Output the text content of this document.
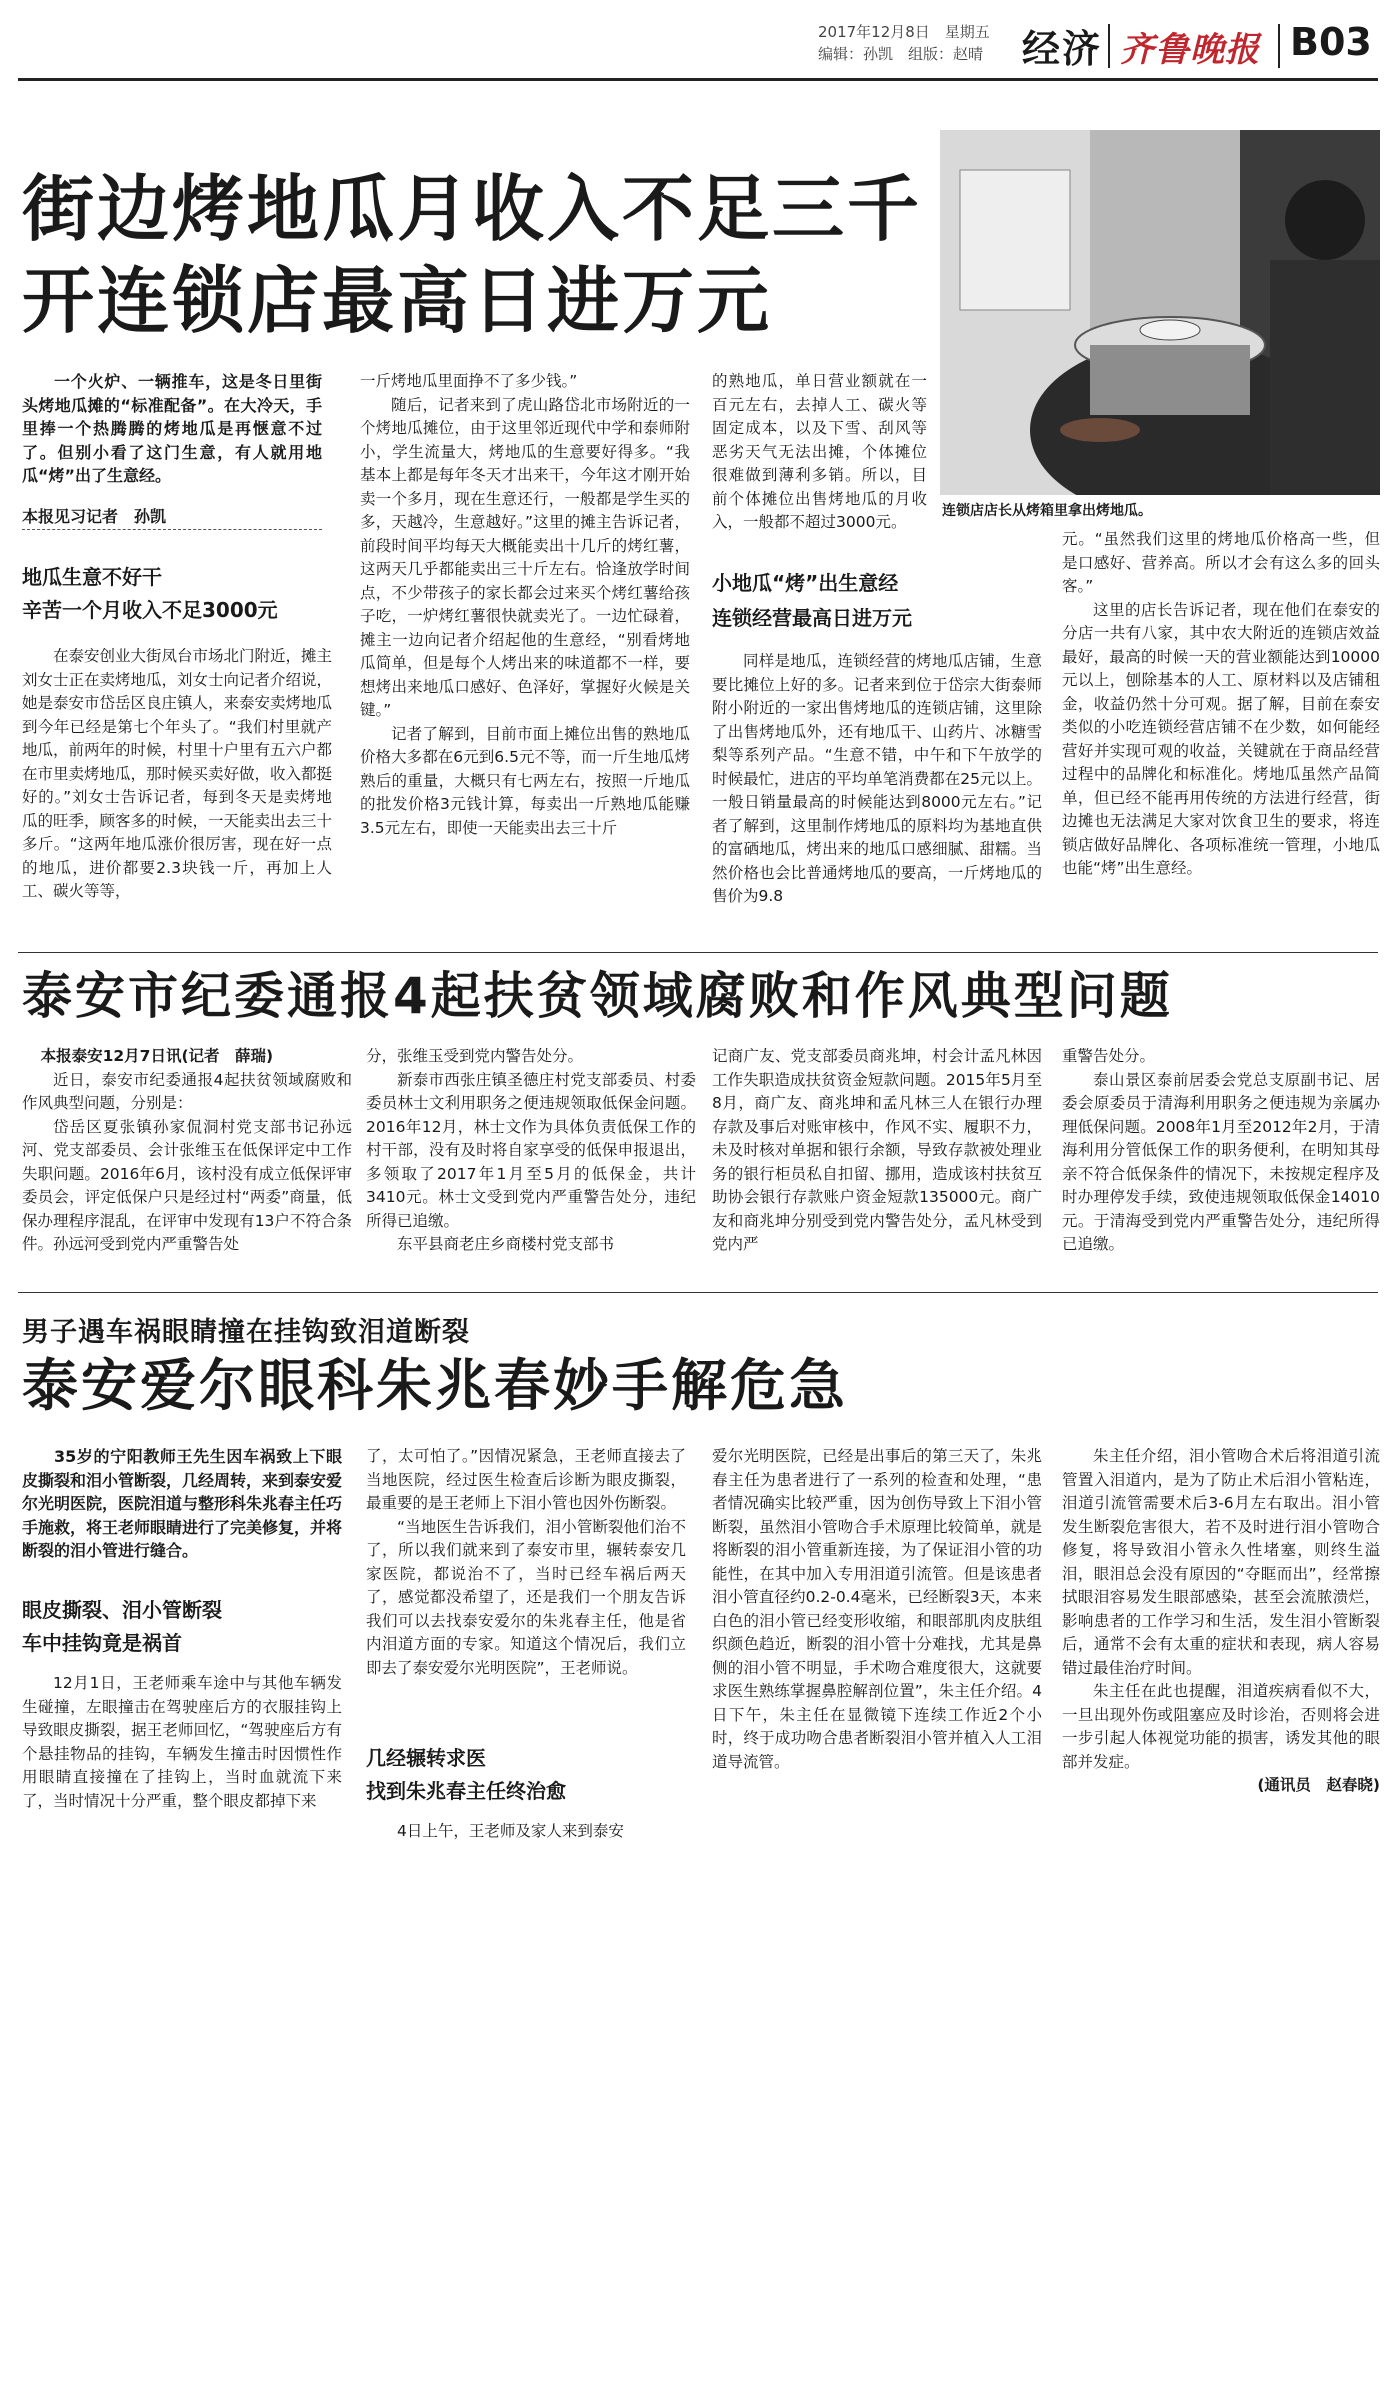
2017年12月8日　星期五
编辑：孙凯　组版：赵晴 经济 齐鲁晚报 B03
街边烤地瓜月收入不足三千
开连锁店最高日进万元
连锁店店长从烤箱里拿出烤地瓜。
一个火炉、一辆推车，这是冬日里街头烤地瓜摊的“标准配备”。在大冷天，手里捧一个热腾腾的烤地瓜是再惬意不过了。但别小看了这门生意，有人就用地瓜“烤”出了生意经。
本报见习记者　孙凯
地瓜生意不好干
辛苦一个月收入不足3000元

在泰安创业大街凤台市场北门附近，摊主刘女士正在卖烤地瓜，刘女士向记者介绍说，她是泰安市岱岳区良庄镇人，来泰安卖烤地瓜到今年已经是第七个年头了。“我们村里就产地瓜，前两年的时候，村里十户里有五六户都在市里卖烤地瓜，那时候买卖好做，收入都挺好的。”刘女士告诉记者，每到冬天是卖烤地瓜的旺季，顾客多的时候，一天能卖出去三十多斤。“这两年地瓜涨价很厉害，现在好一点的地瓜，进价都要2.3块钱一斤，再加上人工、碳火等等，

一斤烤地瓜里面挣不了多少钱。”

随后，记者来到了虎山路岱北市场附近的一个烤地瓜摊位，由于这里邻近现代中学和泰师附小，学生流量大，烤地瓜的生意要好得多。“我基本上都是每年冬天才出来干，今年这才刚开始卖一个多月，现在生意还行，一般都是学生买的多，天越冷，生意越好。”这里的摊主告诉记者，前段时间平均每天大概能卖出十几斤的烤红薯，这两天几乎都能卖出三十斤左右。恰逢放学时间点，不少带孩子的家长都会过来买个烤红薯给孩子吃，一炉烤红薯很快就卖光了。一边忙碌着，摊主一边向记者介绍起他的生意经，“别看烤地瓜简单，但是每个人烤出来的味道都不一样，要想烤出来地瓜口感好、色泽好，掌握好火候是关键。”

记者了解到，目前市面上摊位出售的熟地瓜价格大多都在6元到6.5元不等，而一斤生地瓜烤熟后的重量，大概只有七两左右，按照一斤地瓜的批发价格3元钱计算，每卖出一斤熟地瓜能赚3.5元左右，即使一天能卖出去三十斤

的熟地瓜，单日营业额就在一百元左右，去掉人工、碳火等固定成本，以及下雪、刮风等恶劣天气无法出摊，个体摊位很难做到薄利多销。所以，目前个体摊位出售烤地瓜的月收入，一般都不超过3000元。

小地瓜“烤”出生意经
连锁经营最高日进万元

同样是地瓜，连锁经营的烤地瓜店铺，生意要比摊位上好的多。记者来到位于岱宗大街泰师附小附近的一家出售烤地瓜的连锁店铺，这里除了出售烤地瓜外，还有地瓜干、山药片、冰糖雪梨等系列产品。“生意不错，中午和下午放学的时候最忙，进店的平均单笔消费都在25元以上。一般日销量最高的时候能达到8000元左右。”记者了解到，这里制作烤地瓜的原料均为基地直供的富硒地瓜，烤出来的地瓜口感细腻、甜糯。当然价格也会比普通烤地瓜的要高，一斤烤地瓜的售价为9.8

元。“虽然我们这里的烤地瓜价格高一些，但是口感好、营养高。所以才会有这么多的回头客。”

这里的店长告诉记者，现在他们在泰安的分店一共有八家，其中农大附近的连锁店效益最好，最高的时候一天的营业额能达到10000元以上，刨除基本的人工、原材料以及店铺租金，收益仍然十分可观。据了解，目前在泰安类似的小吃连锁经营店铺不在少数，如何能经营好并实现可观的收益，关键就在于商品经营过程中的品牌化和标准化。烤地瓜虽然产品简单，但已经不能再用传统的方法进行经营，街边摊也无法满足大家对饮食卫生的要求，将连锁店做好品牌化、各项标准统一管理，小地瓜也能“烤”出生意经。

泰安市纪委通报4起扶贫领域腐败和作风典型问题

本报泰安12月7日讯(记者　薛瑞)

近日，泰安市纪委通报4起扶贫领域腐败和作风典型问题，分别是：

岱岳区夏张镇孙家侃洞村党支部书记孙远河、党支部委员、会计张维玉在低保评定中工作失职问题。2016年6月，该村没有成立低保评审委员会，评定低保户只是经过村“两委”商量，低保办理程序混乱，在评审中发现有13户不符合条件。孙远河受到党内严重警告处

分，张维玉受到党内警告处分。

新泰市西张庄镇圣德庄村党支部委员、村委委员林士文利用职务之便违规领取低保金问题。2016年12月，林士文作为具体负责低保工作的村干部，没有及时将自家享受的低保申报退出，多领取了2017年1月至5月的低保金，共计3410元。林士文受到党内严重警告处分，违纪所得已追缴。

东平县商老庄乡商楼村党支部书

记商广友、党支部委员商兆坤，村会计孟凡林因工作失职造成扶贫资金短款问题。2015年5月至8月，商广友、商兆坤和孟凡林三人在银行办理存款及事后对账审核中，作风不实、履职不力，未及时核对单据和银行余额，导致存款被处理业务的银行柜员私自扣留、挪用，造成该村扶贫互助协会银行存款账户资金短款135000元。商广友和商兆坤分别受到党内警告处分，孟凡林受到党内严

重警告处分。

泰山景区泰前居委会党总支原副书记、居委会原委员于清海利用职务之便违规为亲属办理低保问题。2008年1月至2012年2月，于清海利用分管低保工作的职务便利，在明知其母亲不符合低保条件的情况下，未按规定程序及时办理停发手续，致使违规领取低保金14010元。于清海受到党内严重警告处分，违纪所得已追缴。

男子遇车祸眼睛撞在挂钩致泪道断裂
泰安爱尔眼科朱兆春妙手解危急
35岁的宁阳教师王先生因车祸致上下眼皮撕裂和泪小管断裂，几经周转，来到泰安爱尔光明医院，医院泪道与整形科朱兆春主任巧手施救，将王老师眼睛进行了完美修复，并将断裂的泪小管进行缝合。
眼皮撕裂、泪小管断裂
车中挂钩竟是祸首

12月1日，王老师乘车途中与其他车辆发生碰撞，左眼撞击在驾驶座后方的衣服挂钩上导致眼皮撕裂，据王老师回忆，“驾驶座后方有个悬挂物品的挂钩，车辆发生撞击时因惯性作用眼睛直接撞在了挂钩上，当时血就流下来了，当时情况十分严重，整个眼皮都掉下来

了，太可怕了。”因情况紧急，王老师直接去了当地医院，经过医生检查后诊断为眼皮撕裂，最重要的是王老师上下泪小管也因外伤断裂。

“当地医生告诉我们，泪小管断裂他们治不了，所以我们就来到了泰安市里，辗转泰安几家医院，都说治不了，当时已经车祸后两天了，感觉都没希望了，还是我们一个朋友告诉我们可以去找泰安爱尔的朱兆春主任，他是省内泪道方面的专家。知道这个情况后，我们立即去了泰安爱尔光明医院”，王老师说。

几经辗转求医
找到朱兆春主任终治愈

4日上午，王老师及家人来到泰安

爱尔光明医院，已经是出事后的第三天了，朱兆春主任为患者进行了一系列的检查和处理，“患者情况确实比较严重，因为创伤导致上下泪小管断裂，虽然泪小管吻合手术原理比较简单，就是将断裂的泪小管重新连接，为了保证泪小管的功能性，在其中加入专用泪道引流管。但是该患者泪小管直径约0.2-0.4毫米，已经断裂3天，本来白色的泪小管已经变形收缩，和眼部肌肉皮肤组织颜色趋近，断裂的泪小管十分难找，尤其是鼻侧的泪小管不明显，手术吻合难度很大，这就要求医生熟练掌握鼻腔解剖位置”，朱主任介绍。4日下午，朱主任在显微镜下连续工作近2个小时，终于成功吻合患者断裂泪小管并植入人工泪道导流管。

朱主任介绍，泪小管吻合术后将泪道引流管置入泪道内，是为了防止术后泪小管粘连，泪道引流管需要术后3-6月左右取出。泪小管发生断裂危害很大，若不及时进行泪小管吻合修复，将导致泪小管永久性堵塞，则终生溢泪，眼泪总会没有原因的“夺眶而出”，经常擦拭眼泪容易发生眼部感染，甚至会流脓溃烂，影响患者的工作学习和生活，发生泪小管断裂后，通常不会有太重的症状和表现，病人容易错过最佳治疗时间。

朱主任在此也提醒，泪道疾病看似不大，一旦出现外伤或阻塞应及时诊治，否则将会进一步引起人体视觉功能的损害，诱发其他的眼部并发症。

(通讯员　赵春晓)
